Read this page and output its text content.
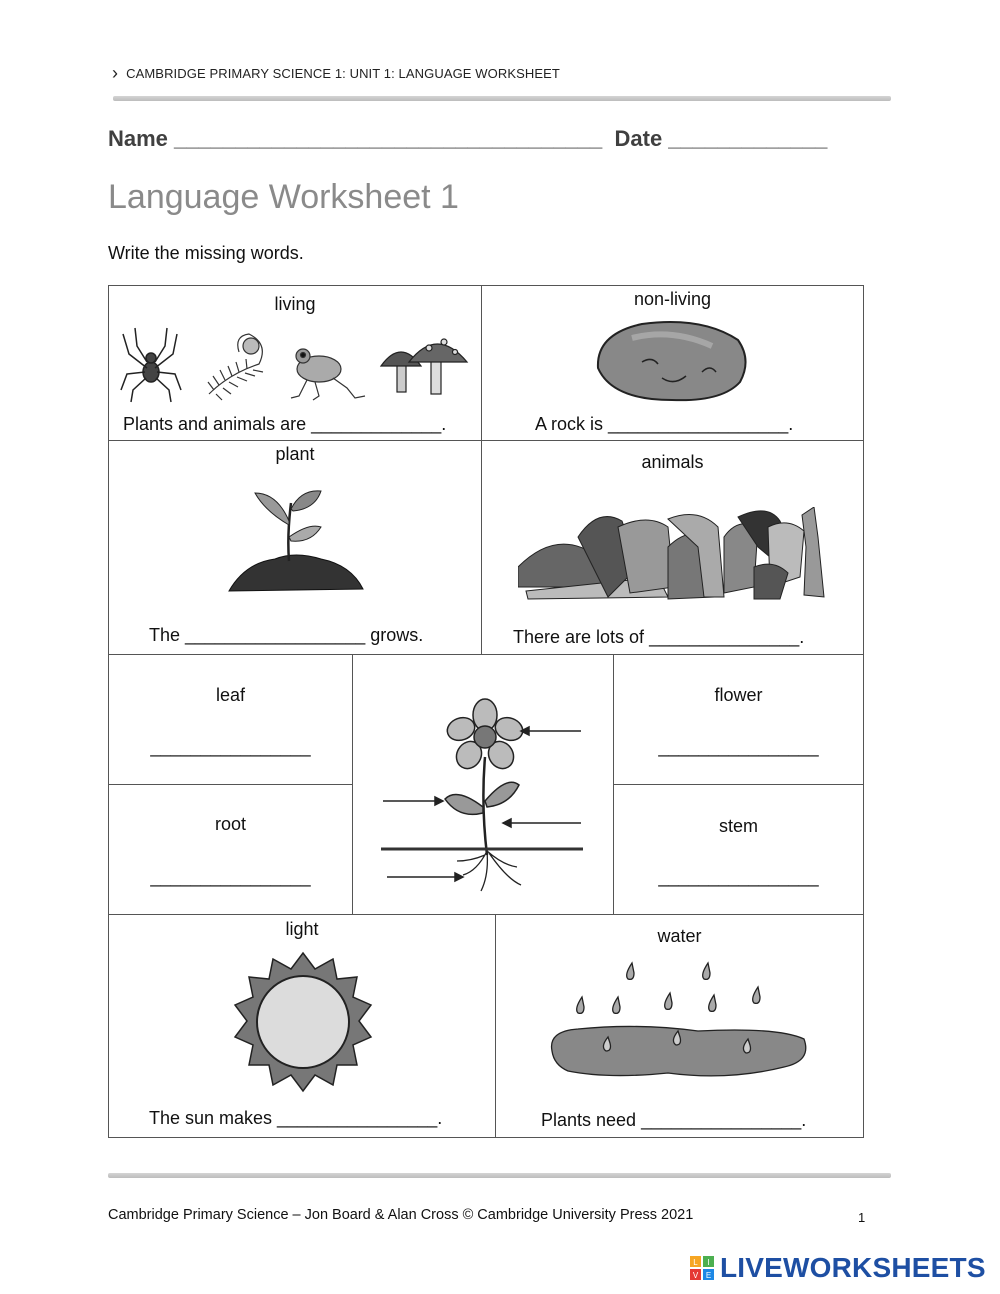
› CAMBRIDGE PRIMARY SCIENCE 1: UNIT 1: LANGUAGE WORKSHEET
Name ___________________________________  Date _____________
Language Worksheet 1
Write the missing words.
living
Plants and animals are _____________.
non-living
A rock is __________________.
plant
The __________________ grows.
animals
There are lots of _______________.
leaf
________________
root
________________
flower
________________
stem
________________
light
The sun makes ________________.
water
Plants need ________________.
Cambridge Primary Science – Jon Board & Alan Cross © Cambridge University Press 2021	1
L I
V E LIVEWORKSHEETS
